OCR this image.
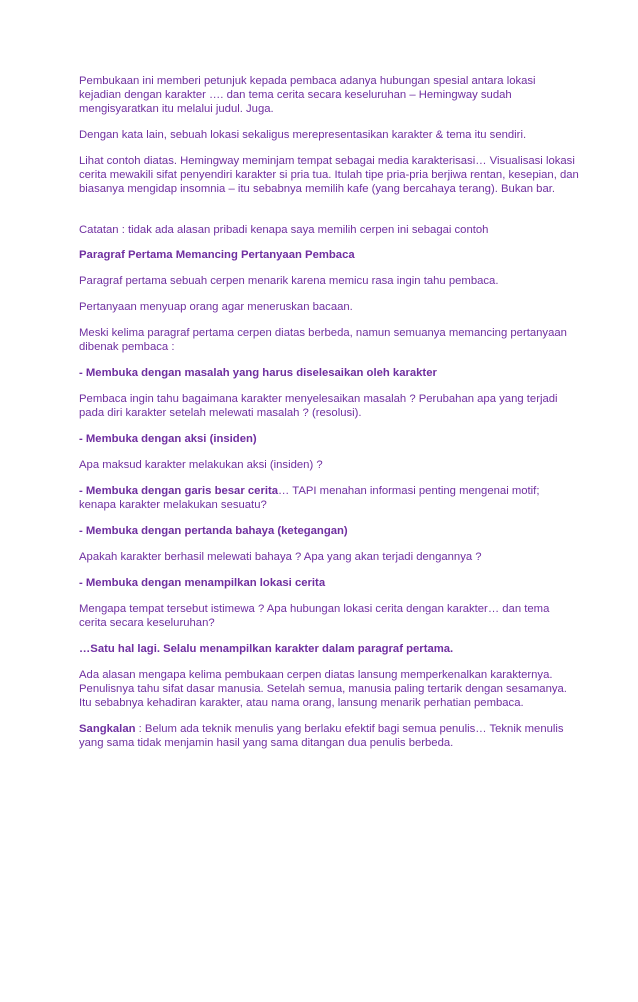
Pembukaan ini memberi petunjuk kepada pembaca adanya hubungan spesial antara lokasi kejadian dengan karakter …. dan tema cerita secara keseluruhan – Hemingway sudah mengisyaratkan itu melalui judul. Juga.

Dengan kata lain, sebuah lokasi sekaligus merepresentasikan karakter & tema itu sendiri.

Lihat contoh diatas. Hemingway meminjam tempat sebagai media karakterisasi… Visualisasi lokasi cerita mewakili sifat penyendiri karakter si pria tua. Itulah tipe pria-pria berjiwa rentan, kesepian, dan biasanya mengidap insomnia – itu sebabnya memilih kafe (yang bercahaya terang). Bukan bar.

Catatan : tidak ada alasan pribadi kenapa saya memilih cerpen ini sebagai contoh

Paragraf Pertama Memancing Pertanyaan Pembaca

Paragraf pertama sebuah cerpen menarik karena memicu rasa ingin tahu pembaca.

Pertanyaan menyuap orang agar meneruskan bacaan.

Meski kelima paragraf pertama cerpen diatas berbeda, namun semuanya memancing pertanyaan dibenak pembaca :

- Membuka dengan masalah yang harus diselesaikan oleh karakter

Pembaca ingin tahu bagaimana karakter menyelesaikan masalah ? Perubahan apa yang terjadi pada diri karakter setelah melewati masalah ? (resolusi).

- Membuka dengan aksi (insiden)

Apa maksud karakter melakukan aksi (insiden) ?

- Membuka dengan garis besar cerita… TAPI menahan informasi penting mengenai motif; kenapa karakter melakukan sesuatu?

- Membuka dengan pertanda bahaya (ketegangan)

Apakah karakter berhasil melewati bahaya ? Apa yang akan terjadi dengannya ?

- Membuka dengan menampilkan lokasi cerita

Mengapa tempat tersebut istimewa ? Apa hubungan lokasi cerita dengan karakter… dan tema cerita secara keseluruhan?

…Satu hal lagi. Selalu menampilkan karakter dalam paragraf pertama.

Ada alasan mengapa kelima pembukaan cerpen diatas lansung memperkenalkan karakternya. Penulisnya tahu sifat dasar manusia. Setelah semua, manusia paling tertarik dengan sesamanya. Itu sebabnya kehadiran karakter, atau nama orang, lansung menarik perhatian pembaca.

Sangkalan : Belum ada teknik menulis yang berlaku efektif bagi semua penulis… Teknik menulis yang sama tidak menjamin hasil yang sama ditangan dua penulis berbeda.
